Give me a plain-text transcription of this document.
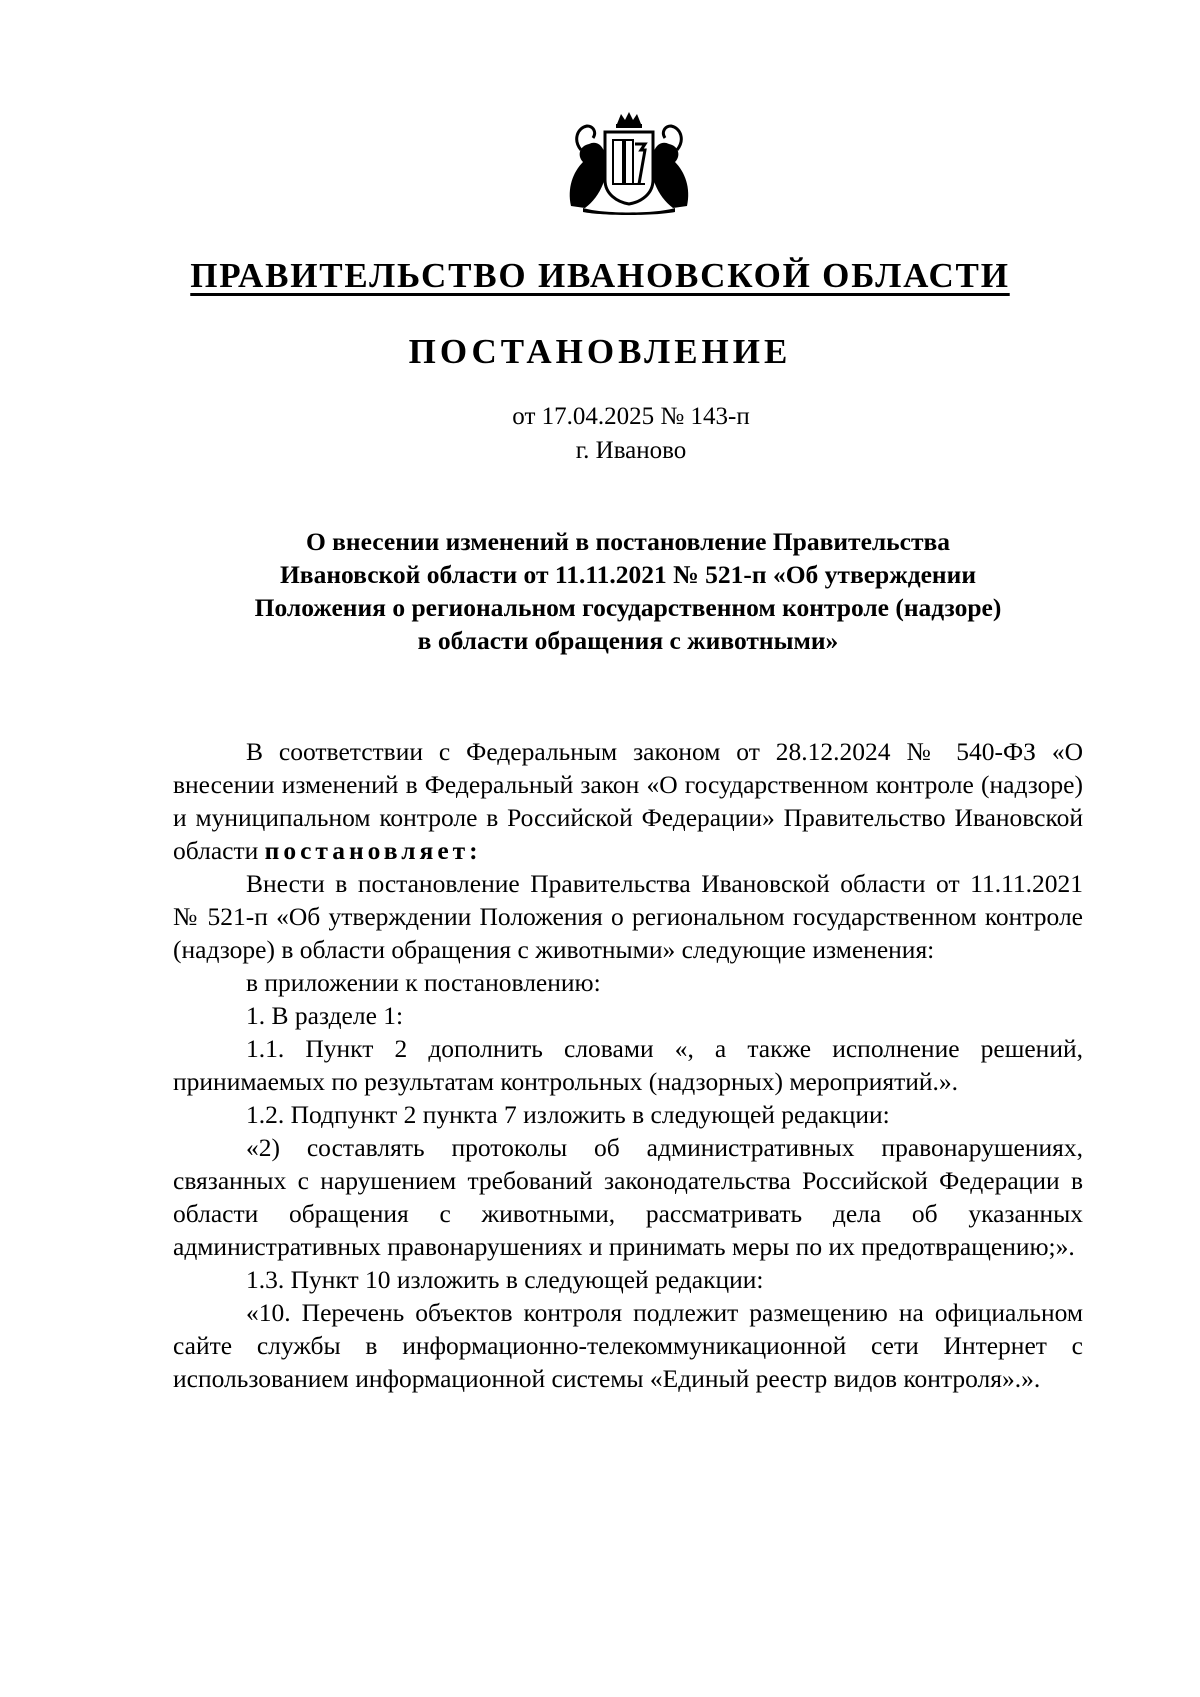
ПРАВИТЕЛЬСТВО ИВАНОВСКОЙ ОБЛАСТИ
ПОСТАНОВЛЕНИЕ
от 17.04.2025 № 143-п
г. Иваново
О внесении изменений в постановление Правительства
Ивановской области от 11.11.2021 № 521-п «Об утверждении
Положения о региональном государственном контроле (надзоре)
в области обращения с животными»

В соответствии с Федеральным законом от 28.12.2024 № 540-ФЗ «О внесении изменений в Федеральный закон «О государственном контроле (надзоре) и муниципальном контроле в Российской Федерации» Правительство Ивановской области постановляет:

Внести в постановление Правительства Ивановской области от 11.11.2021 № 521-п «Об утверждении Положения о региональном государственном контроле (надзоре) в области обращения с животными» следующие изменения:

в приложении к постановлению:

1. В разделе 1:

1.1. Пункт 2 дополнить словами «, а также исполнение решений, принимаемых по результатам контрольных (надзорных) мероприятий.».

1.2. Подпункт 2 пункта 7 изложить в следующей редакции:

«2) составлять протоколы об административных правонарушениях, связанных с нарушением требований законодательства Российской Федерации в области обращения с животными, рассматривать дела об указанных административных правонарушениях и принимать меры по их предотвращению;».

1.3. Пункт 10 изложить в следующей редакции:

«10. Перечень объектов контроля подлежит размещению на официальном сайте службы в информационно-телекоммуникационной сети Интернет с использованием информационной системы «Единый реестр видов контроля».».
